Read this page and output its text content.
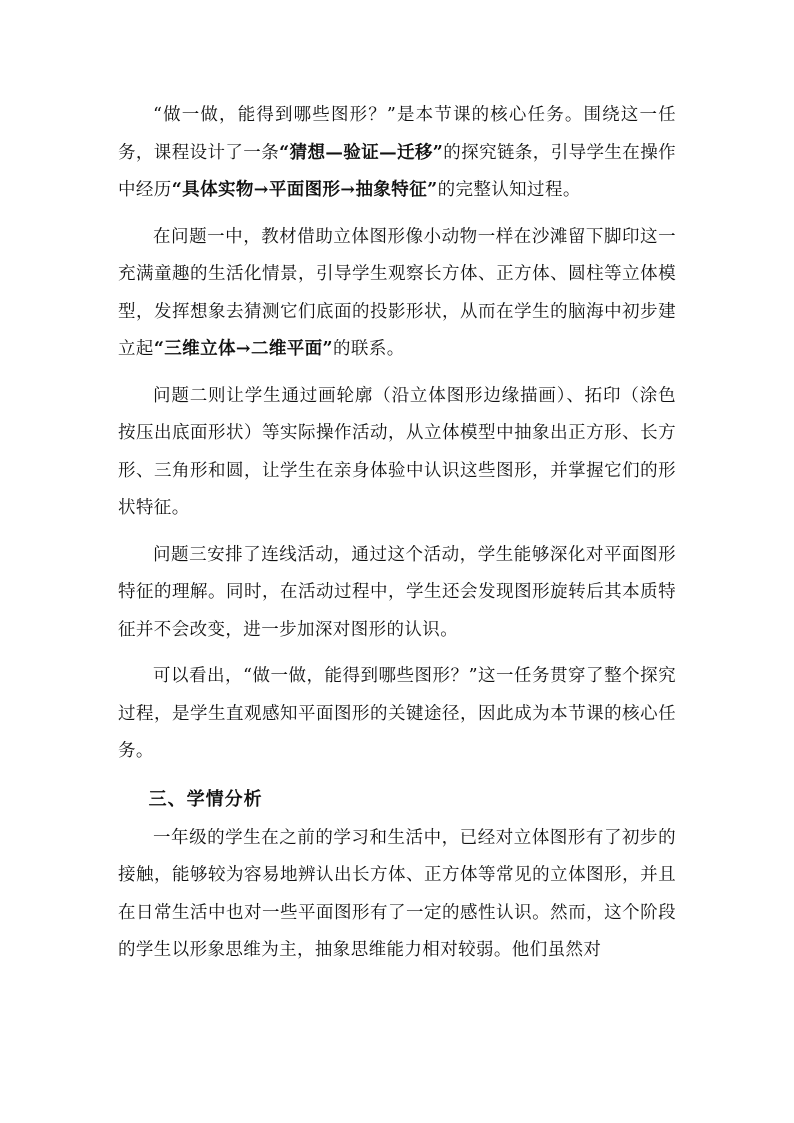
“做一做，能得到哪些图形？”是本节课的核心任务。围绕这一任务，课程设计了一条“猜想—验证—迁移”的探究链条，引导学生在操作中经历“具体实物→平面图形→抽象特征”的完整认知过程。

在问题一中，教材借助立体图形像小动物一样在沙滩留下脚印这一充满童趣的生活化情景，引导学生观察长方体、正方体、圆柱等立体模型，发挥想象去猜测它们底面的投影形状，从而在学生的脑海中初步建立起“三维立体→二维平面”的联系。

问题二则让学生通过画轮廓（沿立体图形边缘描画）、拓印（涂色按压出底面形状）等实际操作活动，从立体模型中抽象出正方形、长方形、三角形和圆，让学生在亲身体验中认识这些图形，并掌握它们的形状特征。

问题三安排了连线活动，通过这个活动，学生能够深化对平面图形特征的理解。同时，在活动过程中，学生还会发现图形旋转后其本质特征并不会改变，进一步加深对图形的认识。

可以看出，“做一做，能得到哪些图形？”这一任务贯穿了整个探究过程，是学生直观感知平面图形的关键途径，因此成为本节课的核心任务。

三、学情分析

一年级的学生在之前的学习和生活中，已经对立体图形有了初步的接触，能够较为容易地辨认出长方体、正方体等常见的立体图形，并且在日常生活中也对一些平面图形有了一定的感性认识。然而，这个阶段的学生以形象思维为主，抽象思维能力相对较弱。他们虽然对
